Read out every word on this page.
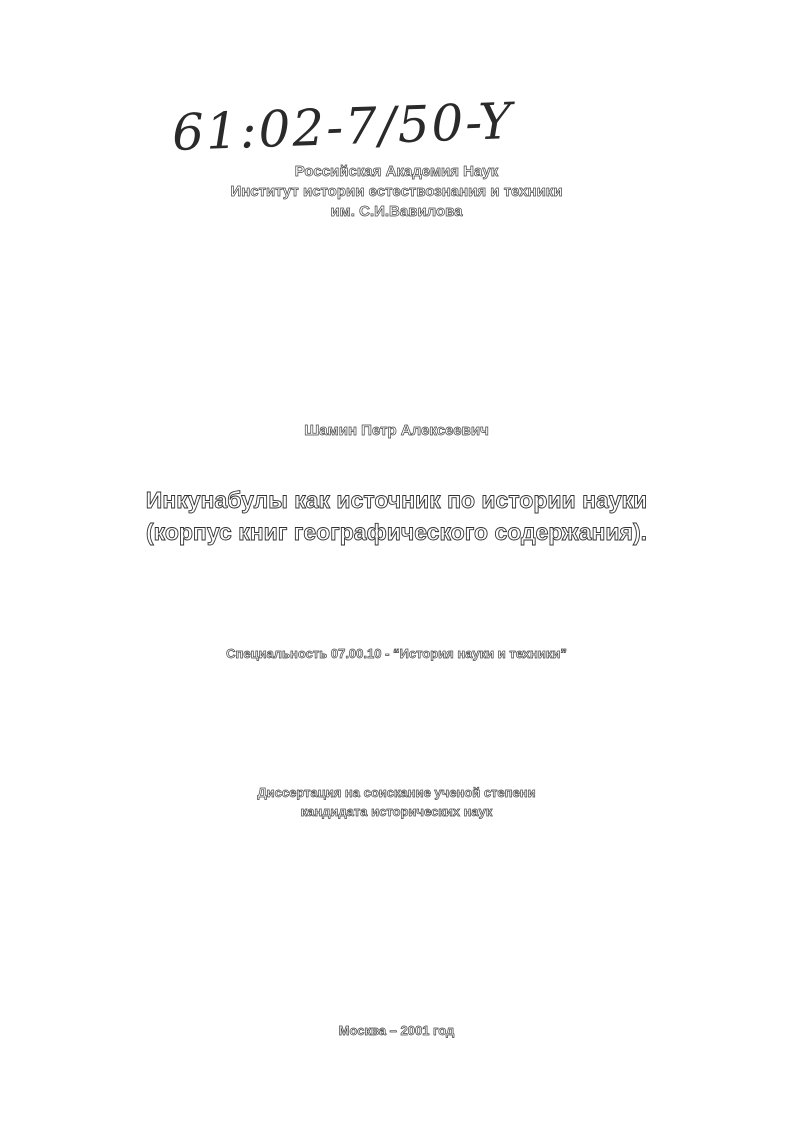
61:02-7/50-Y
Российская Академия Наук
Институт истории естествознания и техники
им. С.И.Вавилова
Шамин Петр Алексеевич
Инкунабулы как источник по истории науки
(корпус книг географического содержания).
Специальность 07.00.10 - “История науки и техники”
Диссертация на соискание ученой степени
кандидата исторических наук
Москва – 2001 год
